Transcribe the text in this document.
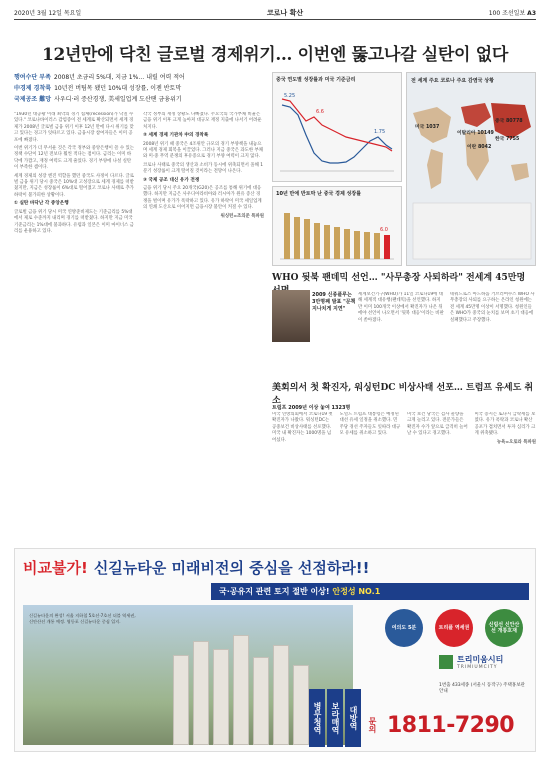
2020년 3월 12일 목요일	코로나 확산	100 조선일보 A3
12년만에 닥친 글로벌 경제위기… 이번엔 뚫고나갈 실탄이 없다
행여수단 부족 2008년 초금리 5%대, 지금 1%… 내릴 여력 적어
中경제 경착륙 10년전 버팀목 됐던 10%대 성장률, 이젠 반토막
국제공조 難망 사우디·러 증산경쟁, 美세일업계 도산땐 금융위기
"1930년 대공황 이래 최악의 경기 침체(recession)가 닥칠 수 있다." 코로나바이러스 감염증이 전 세계로 확산되면서 세계 경제가 2008년 글로벌 금융 위기 이후 12년 만에 다시 위기를 맞고 있다는 경고가 잇따르고 있다. 금융시장 참여자들은 이미 공포에 빠졌다.
이번 위기가 더 무서운 것은 각국 정부와 중앙은행이 쓸 수 있는 정책 수단이 12년 전보다 훨씬 적다는 점이다. 금리는 이미 바닥에 가깝고, 재정 여력도 크게 줄었다. 경기 부양에 나설 실탄이 부족한 셈이다.
세계 경제의 성장 엔진 역할을 했던 중국도 사정이 다르다. 글로벌 금융 위기 당시 중국은 10%대 고성장으로 세계 경제를 떠받쳤지만, 지금은 성장률이 6%대로 떨어졌고 코로나 사태로 추가 하락이 불가피한 상황이다.
① 실탄 바닥난 각 중앙은행
글로벌 금융 위기 당시 미국 연방준비제도는 기준금리를 5%대에서 제로 수준까지 내리며 경기를 떠받쳤다. 하지만 지금 미국 기준금리는 1%대에 불과하다. 유럽과 일본은 이미 마이너스 금리를 운용하고 있다.
각국 정부의 재정 상황도 나빠졌다. 주요국의 국가부채 비율은 금융 위기 이후 크게 높아져 대규모 재정 지출에 나서기 어려운 처지다.
② 세계 경제 기관차 中의 경착륙
2008년 위기 때 중국은 4조위안 규모의 경기 부양책을 내놓으며 세계 경제 회복을 이끌었다. 그러나 지금 중국은 과도한 부채와 미·중 무역 분쟁의 후유증으로 경기 부양 여력이 크지 않다.
코로나 사태로 중국의 생산과 소비가 동시에 위축되면서 올해 1분기 성장률이 크게 떨어질 것이라는 전망이 나온다.
③ 국제 공조 대신 유가 전쟁
금융 위기 당시 주요 20개국(G20)은 공조를 통해 위기에 대응했다. 하지만 지금은 사우디아라비아와 러시아가 원유 증산 경쟁을 벌이며 유가가 폭락하고 있다. 유가 하락이 미국 셰일업계의 연쇄 도산으로 이어지면 금융시장 불안이 커질 수 있다.
워싱턴=조의준 특파원
중국 연도별 성장률과 미국 기준금리
5.25
6.6
1.75
10년 만에 반토막 난 중국 경제 성장률
6.0
전 세계 주요 코로나 주요 감염국 상황
미국 1037
이탈리아 10149
이란 8042
한국 7755
중국 80778
WHO 뒷북 팬데믹 선언… "사무총장 사퇴하라" 전세계 45만명
2009 신종플루는 3만명째 발표 "문책지나치게 지연"
세계보건기구(WHO)가 11일 코로나19에 대해 세계적 대유행(팬데믹)을 선언했다. 하지만 이미 100개국 이상에서 확진자가 나온 뒤에야 선언이 나오면서 '뒷북 대응'이라는 비판이 쏟아졌다.
테워드로스 아드하놈 거브러여수스 WHO 사무총장의 사퇴를 요구하는 온라인 청원에는 전 세계 45만명 이상이 서명했다. 청원인들은 WHO가 중국의 눈치를 보며 초기 대응에 실패했다고 주장했다.
美회의서 첫 확진자, 워싱턴DC 비상사태 선포… 트럼프 유세도 취소
트럼프 2009년 이상 놓여 1323명
미국 연방의회에서 코로나19 첫 확진자가 나왔다. 워싱턴DC는 공중보건 비상사태를 선포했다. 미국 내 확진자는 1000명을 넘어섰다.
도널드 트럼프 대통령은 예정된 대선 유세 일정을 취소했다. 민주당 경선 주자들도 잇따라 대규모 유세를 취소하고 있다.
미국 보건 당국은 검사 물량을 크게 늘리고 있다. 전문가들은 확진자 수가 앞으로 급격히 늘어날 수 있다고 경고했다.
미국 증시는 또다시 급락세를 보였다. 유가 폭락과 코로나 확산 공포가 겹치면서 투자 심리가 크게 위축됐다.
뉴욕=오로라 특파원
비교불가! 신길뉴타운 미래비전의 중심을 선점하라!!
국·공유지 관련 토지 절반 이상! 안정성 NO.1
신길뉴타운의 완성! 서울 지하철 5호선·7호선 더블 역세권, 신안산선 개통 예정. 영등포 신길뉴타운 중심 입지.
병무청역	보라매역	대방역
여의도 5분	트리플 역세권	신림선 신안산선 개통호재
트리미움시티
TRIMIUMCITY
1번출 433세종 (서울시 동작구) 주택홍보관 안내
문의 1811-7290
